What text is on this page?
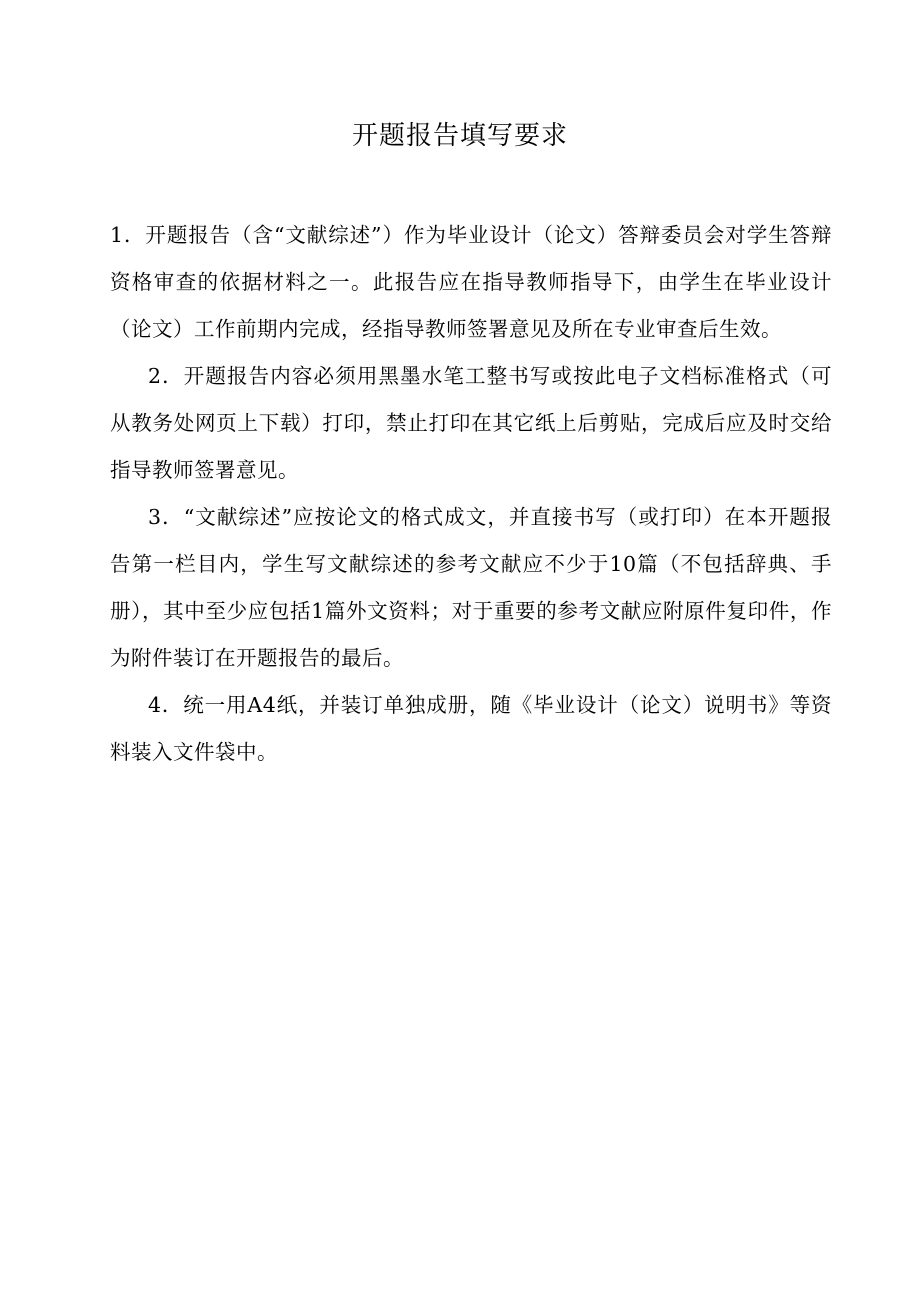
开题报告填写要求

1．开题报告（含“文献综述”）作为毕业设计（论文）答辩委员会对学生答辩资格审查的依据材料之一。此报告应在指导教师指导下，由学生在毕业设计（论文）工作前期内完成，经指导教师签署意见及所在专业审查后生效。

2．开题报告内容必须用黑墨水笔工整书写或按此电子文档标准格式（可从教务处网页上下载）打印，禁止打印在其它纸上后剪贴，完成后应及时交给指导教师签署意见。

3．“文献综述”应按论文的格式成文，并直接书写（或打印）在本开题报告第一栏目内，学生写文献综述的参考文献应不少于10篇（不包括辞典、手册），其中至少应包括1篇外文资料；对于重要的参考文献应附原件复印件，作为附件装订在开题报告的最后。

4．统一用A4纸，并装订单独成册，随《毕业设计（论文）说明书》等资料装入文件袋中。
